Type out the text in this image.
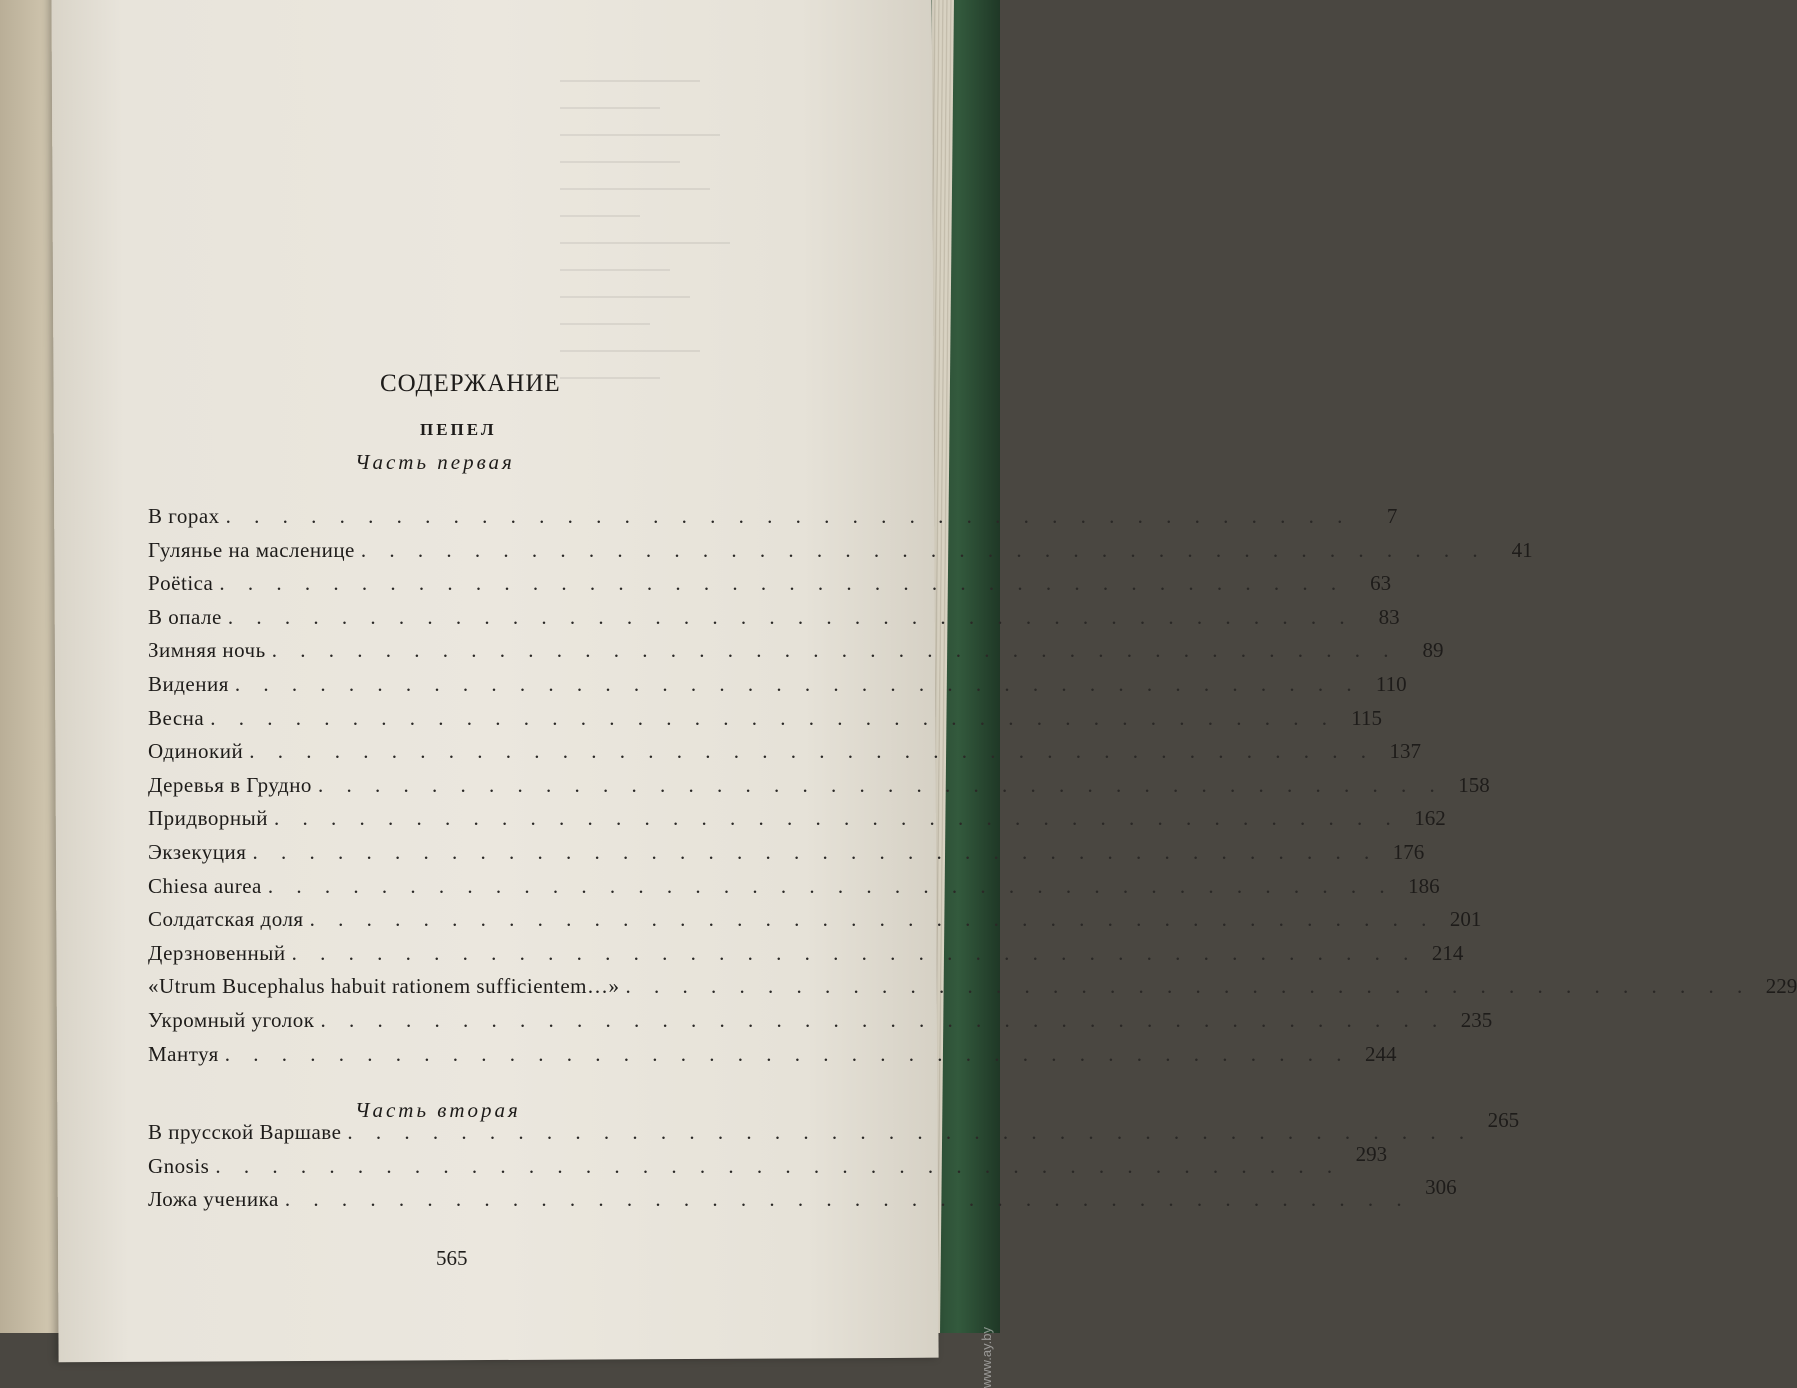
СОДЕРЖАНИЕ
ПЕПЕЛ
Часть первая
В горах . . . . . . . . . . . . . . . . . . . . . . . . . . . . . . . . . . . . . . . .	7
Гулянье на масленице . . . . . . . . . . . . . . . . . . . . . . . . . . . . . . . . . . . . . . . .	41
Poëtica . . . . . . . . . . . . . . . . . . . . . . . . . . . . . . . . . . . . . . . .	63
В опале . . . . . . . . . . . . . . . . . . . . . . . . . . . . . . . . . . . . . . . .	83
Зимняя ночь . . . . . . . . . . . . . . . . . . . . . . . . . . . . . . . . . . . . . . . .	89
Видения . . . . . . . . . . . . . . . . . . . . . . . . . . . . . . . . . . . . . . . . 110
Весна . . . . . . . . . . . . . . . . . . . . . . . . . . . . . . . . . . . . . . . . 115
Одинокий . . . . . . . . . . . . . . . . . . . . . . . . . . . . . . . . . . . . . . . . 137
Деревья в Грудно . . . . . . . . . . . . . . . . . . . . . . . . . . . . . . . . . . . . . . . . 158
Придворный . . . . . . . . . . . . . . . . . . . . . . . . . . . . . . . . . . . . . . . . 162
Экзекуция . . . . . . . . . . . . . . . . . . . . . . . . . . . . . . . . . . . . . . . . 176
Chiesa aurea . . . . . . . . . . . . . . . . . . . . . . . . . . . . . . . . . . . . . . . . 186
Солдатская доля . . . . . . . . . . . . . . . . . . . . . . . . . . . . . . . . . . . . . . . . 201
Дерзновенный . . . . . . . . . . . . . . . . . . . . . . . . . . . . . . . . . . . . . . . . 214
«Utrum Bucephalus habuit rationem sufficientem…» . . . . . . . . . . . . . . . . . . . . . . . . . . . . . . . . . . . . . . . . 229
Укромный уголок . . . . . . . . . . . . . . . . . . . . . . . . . . . . . . . . . . . . . . . . 235
Мантуя . . . . . . . . . . . . . . . . . . . . . . . . . . . . . . . . . . . . . . . . 244
Часть вторая
В прусской Варшаве . . . . . . . . . . . . . . . . . . . . . . . . . . . . . . . . . . . . . . . . 265
Gnosis . . . . . . . . . . . . . . . . . . . . . . . . . . . . . . . . . . . . . . . . 293
Ложа ученика . . . . . . . . . . . . . . . . . . . . . . . . . . . . . . . . . . . . . . . . 306
565
www.ay.by
